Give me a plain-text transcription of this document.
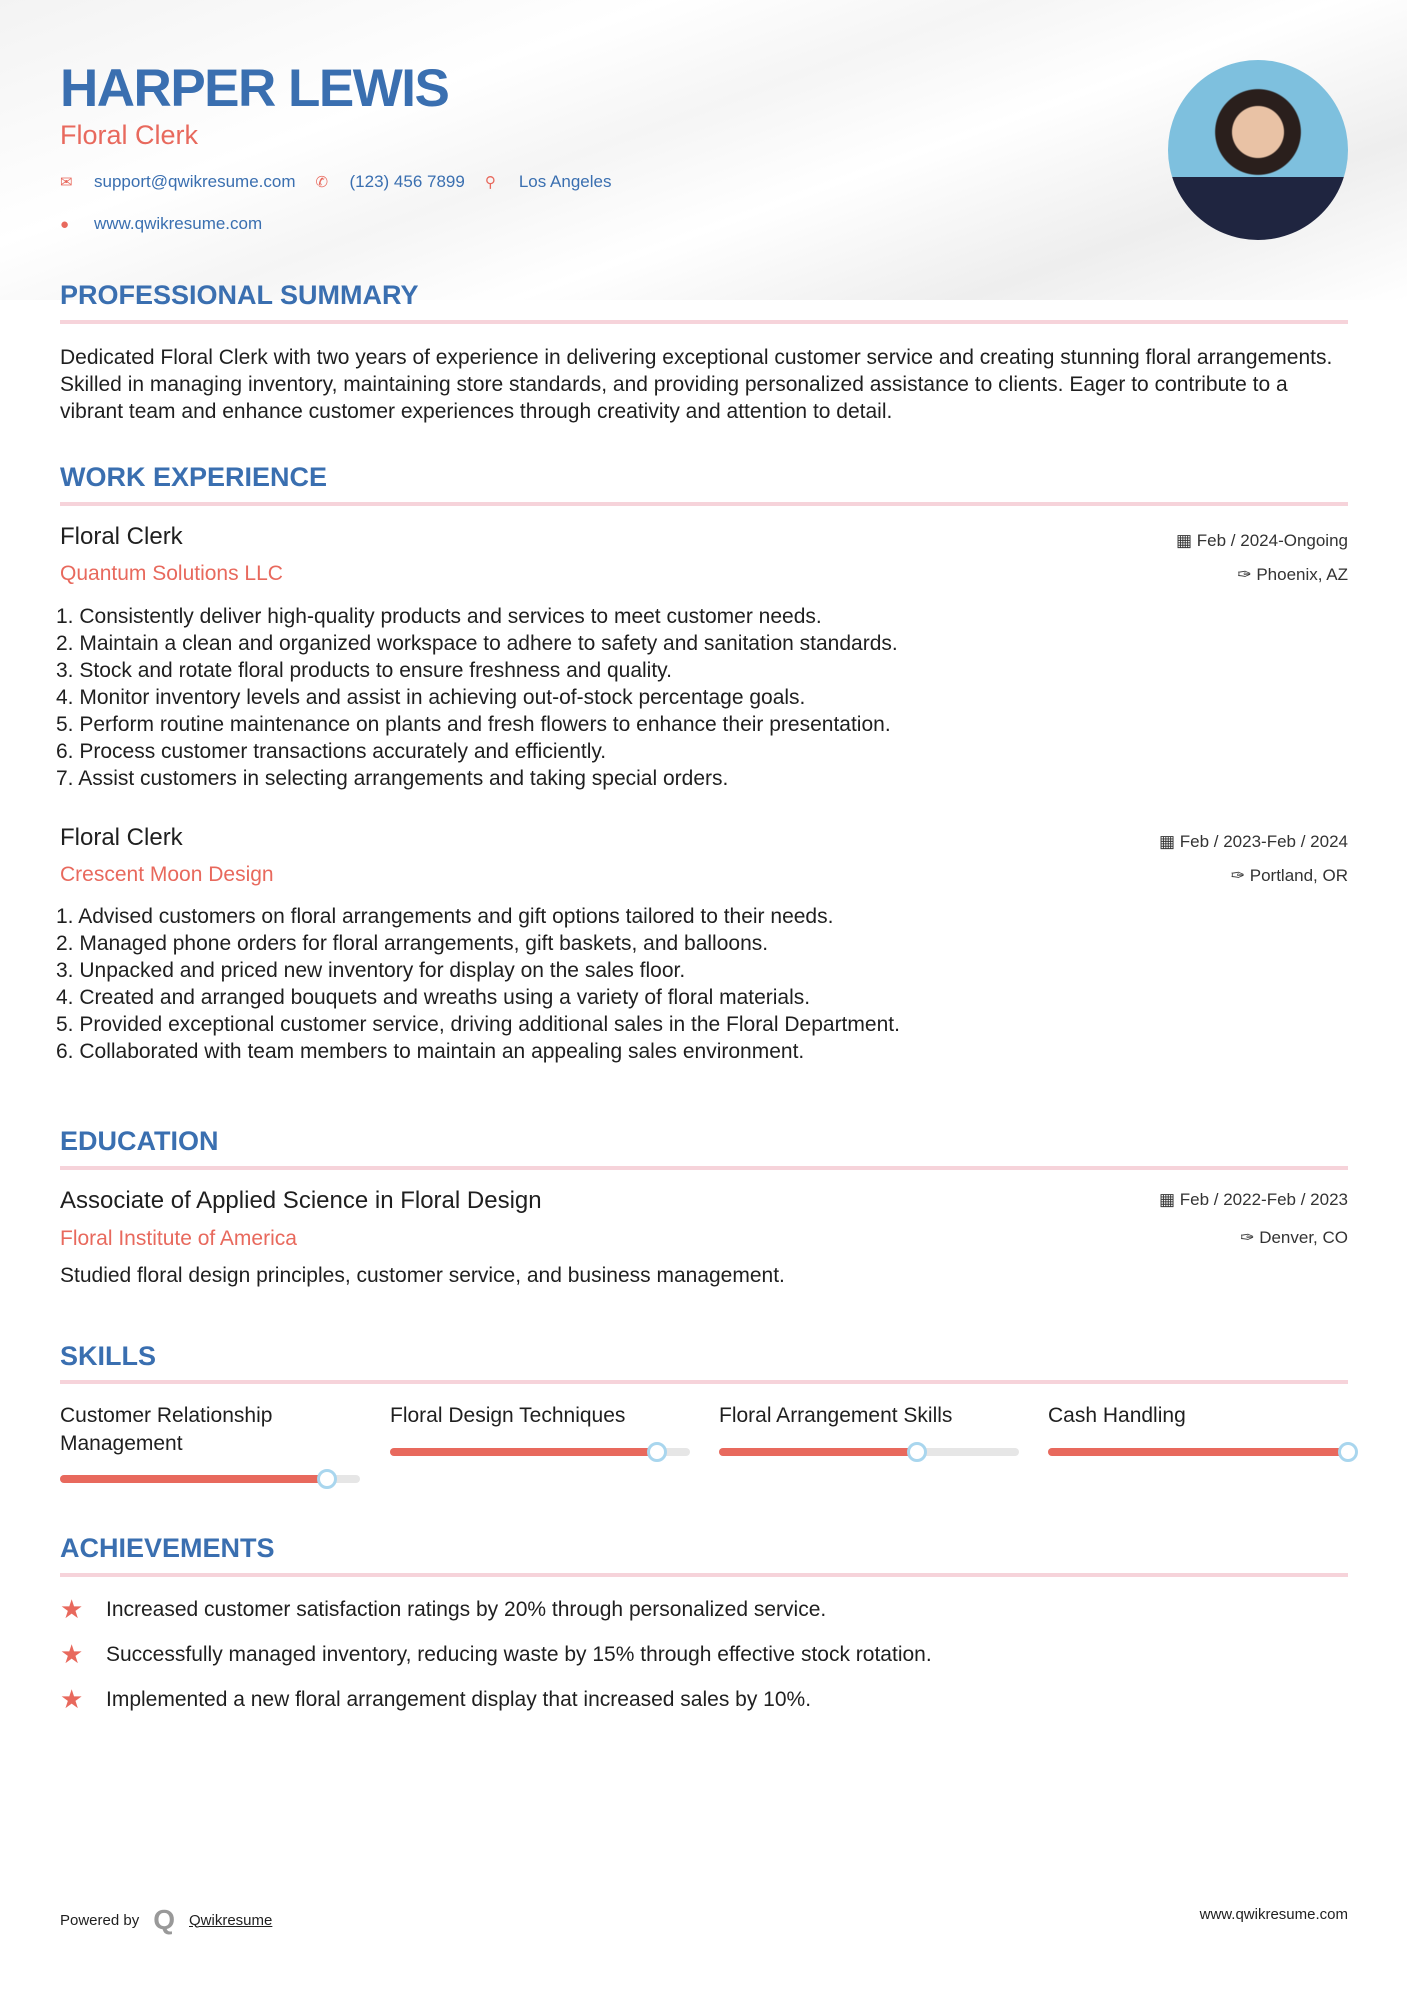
HARPER LEWIS
Floral Clerk
✉	support@qwikresume.com ✆	(123) 456 7899 ⚲	Los Angeles
●	www.qwikresume.com
PROFESSIONAL SUMMARY
Dedicated Floral Clerk with two years of experience in delivering exceptional customer service and creating stunning floral arrangements. Skilled in managing inventory, maintaining store standards, and providing personalized assistance to clients. Eager to contribute to a vibrant team and enhance customer experiences through creativity and attention to detail.
WORK EXPERIENCE
Floral Clerk
Quantum Solutions LLC
▦ Feb / 2024-Ongoing
✑ Phoenix, AZ
1. Consistently deliver high-quality products and services to meet customer needs.
2. Maintain a clean and organized workspace to adhere to safety and sanitation standards.
3. Stock and rotate floral products to ensure freshness and quality.
4. Monitor inventory levels and assist in achieving out-of-stock percentage goals.
5. Perform routine maintenance on plants and fresh flowers to enhance their presentation.
6. Process customer transactions accurately and efficiently.
7. Assist customers in selecting arrangements and taking special orders.
Floral Clerk
Crescent Moon Design
▦ Feb / 2023-Feb / 2024
✑ Portland, OR
1. Advised customers on floral arrangements and gift options tailored to their needs.
2. Managed phone orders for floral arrangements, gift baskets, and balloons.
3. Unpacked and priced new inventory for display on the sales floor.
4. Created and arranged bouquets and wreaths using a variety of floral materials.
5. Provided exceptional customer service, driving additional sales in the Floral Department.
6. Collaborated with team members to maintain an appealing sales environment.
EDUCATION
Associate of Applied Science in Floral Design
Floral Institute of America
▦ Feb / 2022-Feb / 2023
✑ Denver, CO
Studied floral design principles, customer service, and business management.
SKILLS
Customer Relationship Management
Floral Design Techniques	Floral Arrangement Skills	Cash Handling
ACHIEVEMENTS
★	Increased customer satisfaction ratings by 20% through personalized service.
★	Successfully managed inventory, reducing waste by 15% through effective stock rotation.
★	Implemented a new floral arrangement display that increased sales by 10%.
Powered by Q Qwikresume	www.qwikresume.com
